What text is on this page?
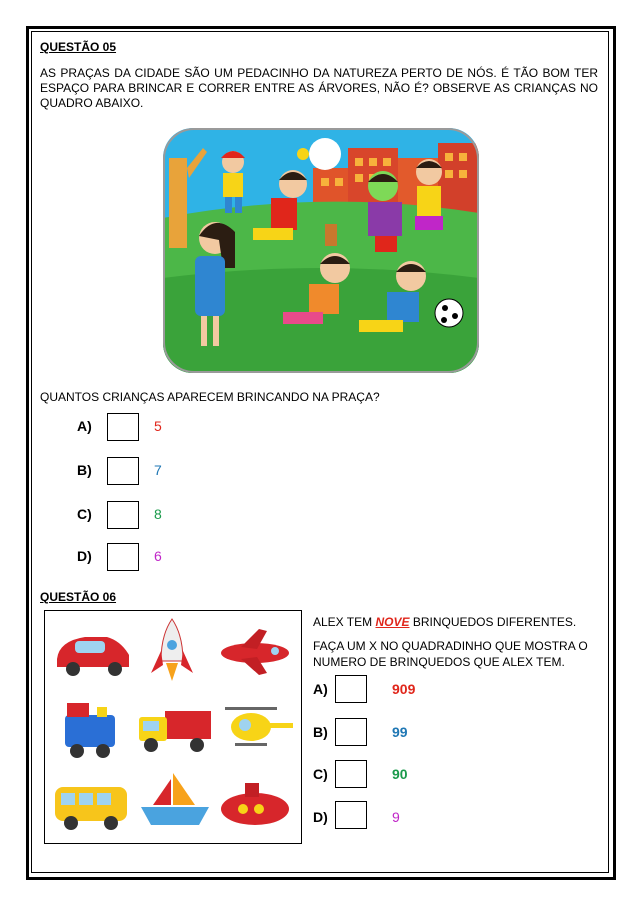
QUESTÃO 05
AS PRAÇAS DA CIDADE SÃO UM PEDACINHO DA NATUREZA PERTO DE NÓS. É TÃO BOM TER ESPAÇO PARA BRINCAR E CORRER ENTRE AS ÁRVORES, NÃO É? OBSERVE AS CRIANÇAS NO QUADRO ABAIXO.
QUANTOS CRIANÇAS APARECEM BRINCANDO NA PRAÇA?
A)	5
B)	7
C)	8
D)	6
QUESTÃO 06
ALEX TEM NOVE BRINQUEDOS DIFERENTES.
FAÇA UM X NO QUADRADINHO QUE MOSTRA O NUMERO DE BRINQUEDOS QUE ALEX TEM.
A)	909
B)	99
C)	90
D)	9
